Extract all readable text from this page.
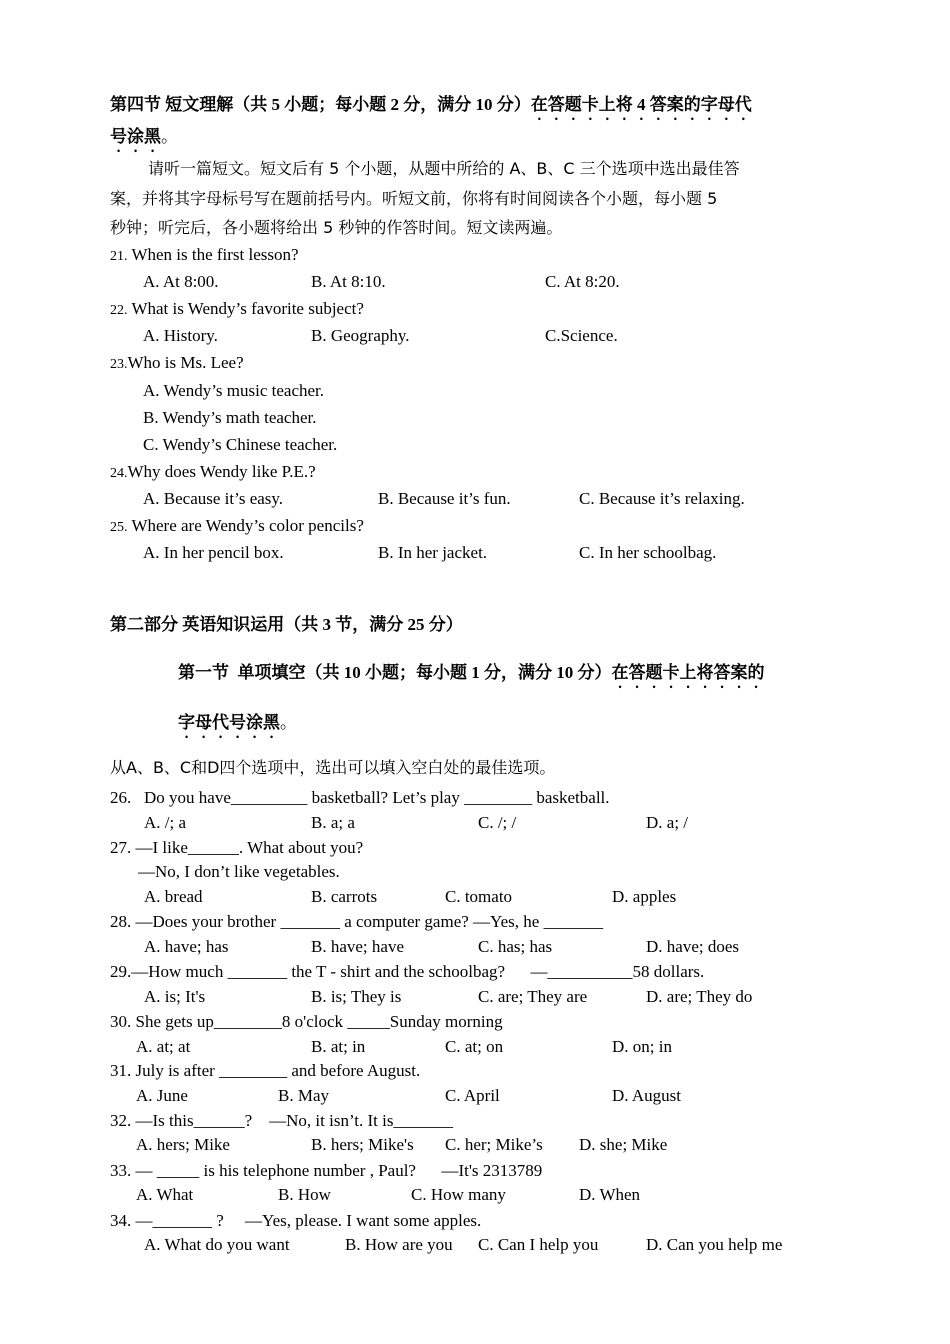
第四节 短文理解（共 5 小题；每小题 2 分，满分 10 分）在答题卡上将 4 答案的字母代
号涂黑。
请听一篇短文。短文后有 5 个小题，从题中所给的 A、B、C 三个选项中选出最佳答
案，并将其字母标号写在题前括号内。听短文前，你将有时间阅读各个小题，每小题 5
秒钟；听完后，各小题将给出 5 秒钟的作答时间。短文读两遍。
21. When is the first lesson?
A. At 8:00.	B. At 8:10.	C. At 8:20.
22. What is Wendy’s favorite subject?
A. History.	B. Geography.	C.Science.
23.Who is Ms. Lee?
A. Wendy’s music teacher.
B. Wendy’s math teacher.
C. Wendy’s Chinese teacher.
24.Why does Wendy like P.E.?
A. Because it’s easy.	B. Because it’s fun.	C. Because it’s relaxing.
25. Where are Wendy’s color pencils?
A. In her pencil box.	B. In her jacket.	C. In her schoolbag.
第二部分 英语知识运用（共 3 节，满分 25 分）
第一节  单项填空（共 10 小题；每小题 1 分，满分 10 分）在答题卡上将答案的
字母代号涂黑。
从A、B、C和D四个选项中，选出可以填入空白处的最佳选项。
26.   Do you have_________ basketball? Let’s play ________ basketball.
A. /; a	B. a; a	C. /; /	D. a; /
27. —I like______. What about you?
—No, I don’t like vegetables.
A. bread	B. carrots	C. tomato	D. apples
28. —Does your brother _______ a computer game? —Yes, he _______
A. have; has	B. have; have	C. has; has	D. have; does
29.—How much _______ the T - shirt and the schoolbag?      —__________58 dollars.
A. is; It's	B. is; They is	C. are; They are	D. are; They do
30. She gets up________8 o'clock _____Sunday morning
A. at; at	B. at; in	C. at; on	D. on; in
31. July is after ________ and before August.
A. June	B. May	C. April	D. August
32. —Is this______?    —No, it isn’t. It is_______
A. hers; Mike	B. hers; Mike's C. her; Mike’s D. she; Mike
33. — _____ is his telephone number , Paul?      —It's 2313789
A. What	B. How	C. How many	D. When
34. —_______ ?     —Yes, please. I want some apples.
A. What do you want	B. How are you C. Can I help you	D. Can you help me
